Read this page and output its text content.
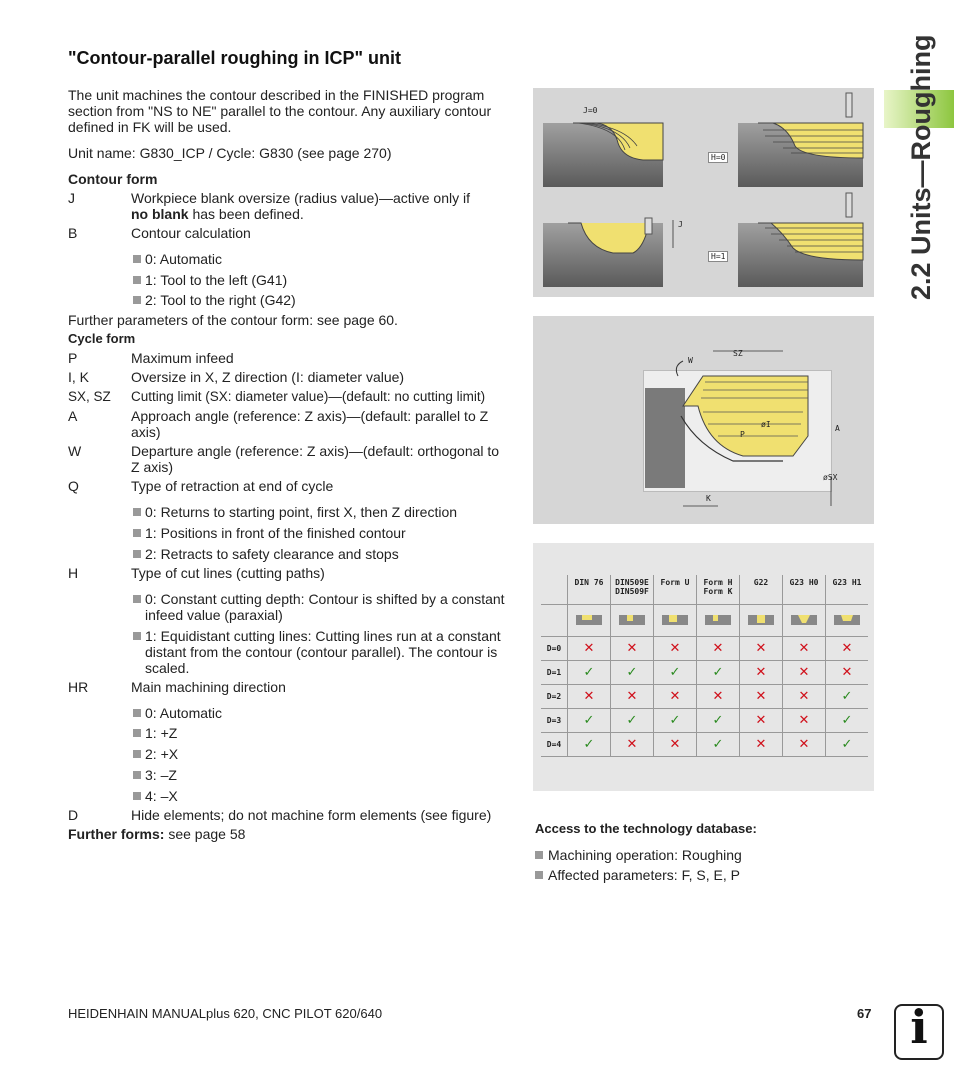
"Contour-parallel roughing in ICP" unit

The unit machines the contour described in the FINISHED program section from "NS to NE" parallel to the contour. Any auxiliary contour defined in FK will be used.

Unit name: G830_ICP / Cycle: G830 (see page 270)

Contour form

J	Workpiece blank oversize (radius value)—active only if
no blank has been defined.
B	Contour calculation
0: Automatic
1: Tool to the left (G41)
2: Tool to the right (G42)

Further parameters of the contour form: see page 60.

Cycle form

P	Maximum infeed
I, K	Oversize in X, Z direction (I: diameter value)
SX, SZ	Cutting limit (SX: diameter value)—(default: no cutting limit)
A	Approach angle (reference: Z axis)—(default: parallel to Z axis)
W	Departure angle (reference: Z axis)—(default: orthogonal to Z axis)
Q	Type of retraction at end of cycle
0: Returns to starting point, first X, then Z direction
1: Positions in front of the finished contour
2: Retracts to safety clearance and stops
H	Type of cut lines (cutting paths)
0: Constant cutting depth: Contour is shifted by a constant infeed value (paraxial)
1: Equidistant cutting lines: Cutting lines run at a constant distant from the contour (contour parallel). The contour is scaled.
HR	Main machining direction
0: Automatic
1: +Z
2: +X
3: –Z
4: –X
D	Hide elements; do not machine form elements (see figure)

Further forms: see page 58

2.2 Units—Roughing
J=0
H=0
J
H=1
W
SZ
øI
P
A
øSX
K
	DIN 76	DIN509E DIN509F	Form U	Form H Form K	G22	G23 H0	G23 H1

D=0	✕	✕	✕	✕	✕	✕	✕
D=1	✓	✓	✓	✓	✕	✕	✕
D=2	✕	✕	✕	✕	✕	✕	✓
D=3	✓	✓	✓	✓	✕	✕	✓
D=4	✓	✕	✕	✓	✕	✕	✓

Access to the technology database:

Machining operation: Roughing
Affected parameters: F, S, E, P
HEIDENHAIN MANUALplus 620, CNC PILOT 620/640	67 i
